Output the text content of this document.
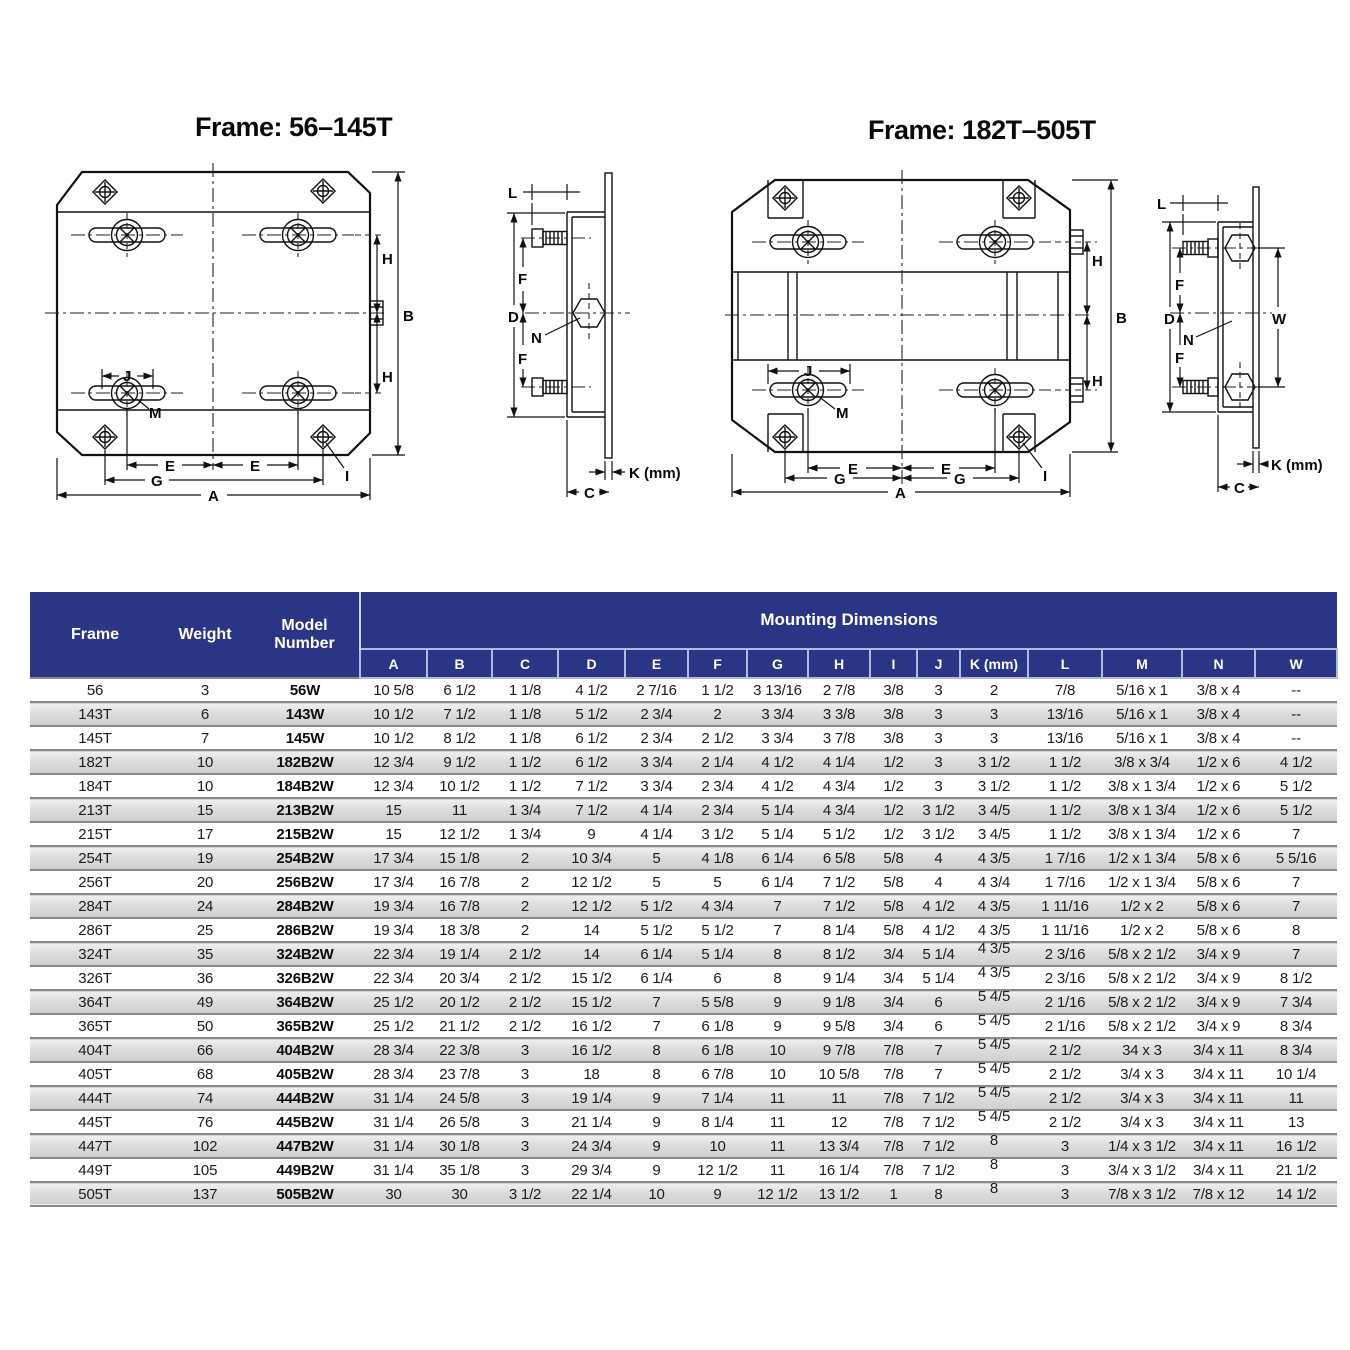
Frame: 56–145T	Frame: 182T–505T
H
H
B
J
M
E	E
G
A
I
L
D
F
F
N
K (mm)
C
H
H
B
J
M
E	E
G	G
A
I
L
D
F
F
N
W
K (mm)
C
Frame	Weight	Model Number	Mounting Dimensions														
			A	B	C	D	E	F	G	H	I	J	K (mm)	L	M	N	W
56	3	56W	10 5/8	6 1/2	1 1/8	4 1/2	2 7/16	1 1/2	3 13/16	2 7/8	3/8	3	2	7/8	5/16 x 1	3/8 x 4	--
143T	6	143W	10 1/2	7 1/2	1 1/8	5 1/2	2 3/4	2	3 3/4	3 3/8	3/8	3	3	13/16	5/16 x 1	3/8 x 4	--
145T	7	145W	10 1/2	8 1/2	1 1/8	6 1/2	2 3/4	2 1/2	3 3/4	3 7/8	3/8	3	3	13/16	5/16 x 1	3/8 x 4	--
182T	10	182B2W	12 3/4	9 1/2	1 1/2	6 1/2	3 3/4	2 1/4	4 1/2	4 1/4	1/2	3	3 1/2	1 1/2	3/8 x 3/4	1/2 x 6	4 1/2
184T	10	184B2W	12 3/4	10 1/2	1 1/2	7 1/2	3 3/4	2 3/4	4 1/2	4 3/4	1/2	3	3 1/2	1 1/2	3/8 x 1 3/4	1/2 x 6	5 1/2
213T	15	213B2W	15	11	1 3/4	7 1/2	4 1/4	2 3/4	5 1/4	4 3/4	1/2	3 1/2	3 4/5	1 1/2	3/8 x 1 3/4	1/2 x 6	5 1/2
215T	17	215B2W	15	12 1/2	1 3/4	9	4 1/4	3 1/2	5 1/4	5 1/2	1/2	3 1/2	3 4/5	1 1/2	3/8 x 1 3/4	1/2 x 6	7
254T	19	254B2W	17 3/4	15 1/8	2	10 3/4	5	4 1/8	6 1/4	6 5/8	5/8	4	4 3/5	1 7/16	1/2 x 1 3/4	5/8 x 6	5 5/16
256T	20	256B2W	17 3/4	16 7/8	2	12 1/2	5	5	6 1/4	7 1/2	5/8	4	4 3/4	1 7/16	1/2 x 1 3/4	5/8 x 6	7
284T	24	284B2W	19 3/4	16 7/8	2	12 1/2	5 1/2	4 3/4	7	7 1/2	5/8	4 1/2	4 3/5	1 11/16	1/2 x 2	5/8 x 6	7
286T	25	286B2W	19 3/4	18 3/8	2	14	5 1/2	5 1/2	7	8 1/4	5/8	4 1/2	4 3/5	1 11/16	1/2 x 2	5/8 x 6	8
324T	35	324B2W	22 3/4	19 1/4	2 1/2	14	6 1/4	5 1/4	8	8 1/2	3/4	5 1/4	4 3/5	2 3/16	5/8 x 2 1/2	3/4 x 9	7
326T	36	326B2W	22 3/4	20 3/4	2 1/2	15 1/2	6 1/4	6	8	9 1/4	3/4	5 1/4	4 3/5	2 3/16	5/8 x 2 1/2	3/4 x 9	8 1/2
364T	49	364B2W	25 1/2	20 1/2	2 1/2	15 1/2	7	5 5/8	9	9 1/8	3/4	6	5 4/5	2 1/16	5/8 x 2 1/2	3/4 x 9	7 3/4
365T	50	365B2W	25 1/2	21 1/2	2 1/2	16 1/2	7	6 1/8	9	9 5/8	3/4	6	5 4/5	2 1/16	5/8 x 2 1/2	3/4 x 9	8 3/4
404T	66	404B2W	28 3/4	22 3/8	3	16 1/2	8	6 1/8	10	9 7/8	7/8	7	5 4/5	2 1/2	34 x 3	3/4 x 11	8 3/4
405T	68	405B2W	28 3/4	23 7/8	3	18	8	6 7/8	10	10 5/8	7/8	7	5 4/5	2 1/2	3/4 x 3	3/4 x 11	10 1/4
444T	74	444B2W	31 1/4	24 5/8	3	19 1/4	9	7 1/4	11	11	7/8	7 1/2	5 4/5	2 1/2	3/4 x 3	3/4 x 11	11
445T	76	445B2W	31 1/4	26 5/8	3	21 1/4	9	8 1/4	11	12	7/8	7 1/2	5 4/5	2 1/2	3/4 x 3	3/4 x 11	13
447T	102	447B2W	31 1/4	30 1/8	3	24 3/4	9	10	11	13 3/4	7/8	7 1/2	8	3	1/4 x 3 1/2	3/4 x 11	16 1/2
449T	105	449B2W	31 1/4	35 1/8	3	29 3/4	9	12 1/2	11	16 1/4	7/8	7 1/2	8	3	3/4 x 3 1/2	3/4 x 11	21 1/2
505T	137	505B2W	30	30	3 1/2	22 1/4	10	9	12 1/2	13 1/2	1	8	8	3	7/8 x 3 1/2	7/8 x 12	14 1/2
